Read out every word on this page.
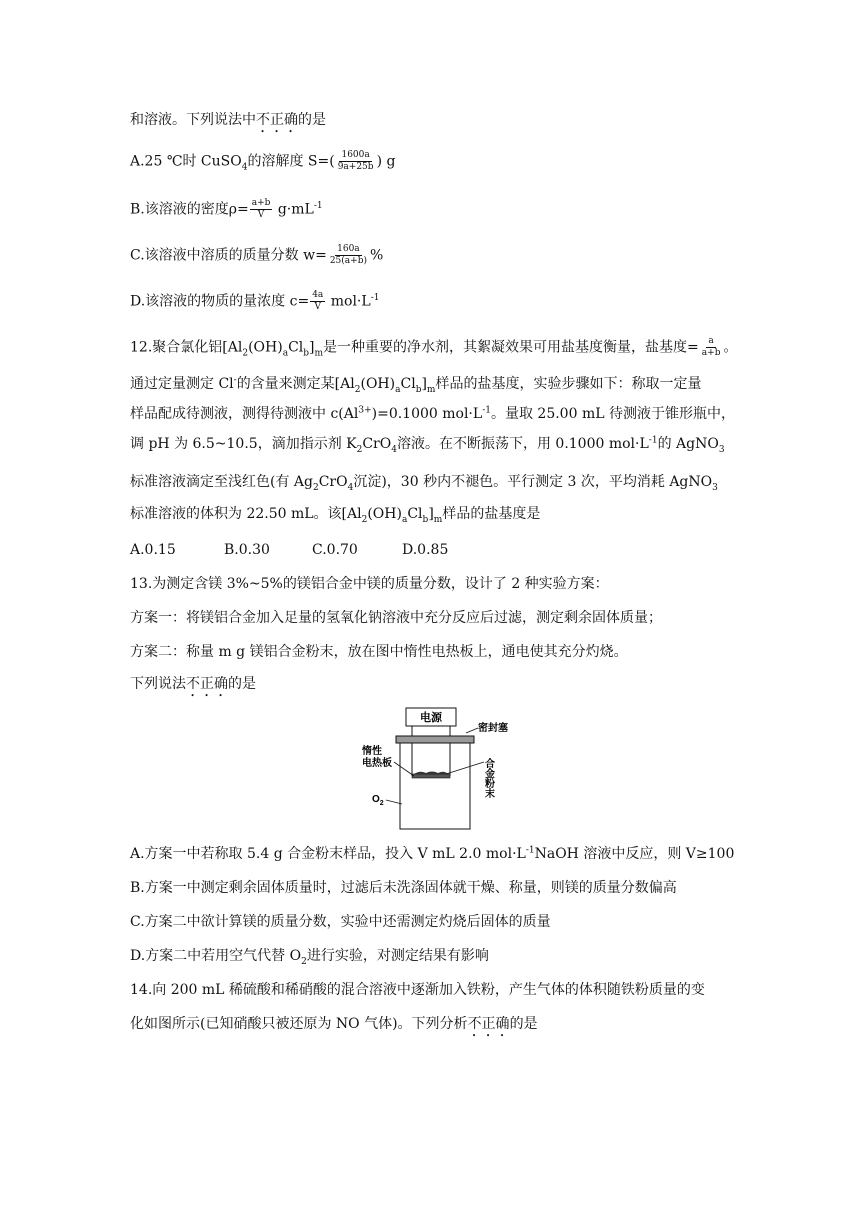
和溶液。下列说法中不正确的是
A.25 ℃时 CuSO$_4$的溶解度 $S=( \frac{1600a}{9a+25b}$ ) g
B.该溶液的密度$\rho= \frac{a+b}{V} g\cdot mL^{-1}$
C.该溶液中溶质的质量分数 $w= \frac{160a}{25(a+b)}$ %
D.该溶液的物质的量浓度 $c= \frac{4a}{V} mol\cdot L^{-1}$
12.聚合氯化铝$[Al_2(OH)_aCl_b]_m$是一种重要的净水剂，其絮凝效果可用盐基度衡量，盐基度= $\frac{a}{a+b}$ 。
通过定量测定 Cl-的含量来测定某$[Al_2(OH)_aCl_b]_m$样品的盐基度，实验步骤如下：称取一定量
样品配成待测液，测得待测液中 $c(Al^{3+})=0.1000$ $mol\cdot L^{-1}$。量取 25.00 mL 待测液于锥形瓶中，
调 pH 为 6.5~10.5，滴加指示剂 $K_2CrO_4$溶液。在不断振荡下，用 0.1000 $mol\cdot L^{-1}$的 AgNO$_3$
标准溶液滴定至浅红色(有 $Ag_2CrO_4$沉淀)，30 秒内不褪色。平行测定 3 次，平均消耗 AgNO$_3$
标准溶液的体积为 22.50 mL。该$[Al_2(OH)_aCl_b]_m$样品的盐基度是
A.0.15	B.0.30	C.0.70	D.0.85
13.为测定含镁 3%~5%的镁铝合金中镁的质量分数，设计了 2 种实验方案：
方案一：将镁铝合金加入足量的氢氧化钠溶液中充分反应后过滤，测定剩余固体质量；
方案二：称量 m g 镁铝合金粉末，放在图中惰性电热板上，通电使其充分灼烧。
下列说法不正确的是
电源
密封塞
惰性
电热板	合金粉末
$O_2$
A.方案一中若称取 5.4 g 合金粉末样品，投入 V mL 2.0 $mol\cdot L^{-1}NaOH$ 溶液中反应，则 V≥100
B.方案一中测定剩余固体质量时，过滤后未洗涤固体就干燥、称量，则镁的质量分数偏高
C.方案二中欲计算镁的质量分数，实验中还需测定灼烧后固体的质量
D.方案二中若用空气代替 $O_2$进行实验，对测定结果有影响
14.向 200 mL 稀硫酸和稀硝酸的混合溶液中逐渐加入铁粉，产生气体的体积随铁粉质量的变
化如图所示(已知硝酸只被还原为 NO 气体)。下列分析不正确的是
